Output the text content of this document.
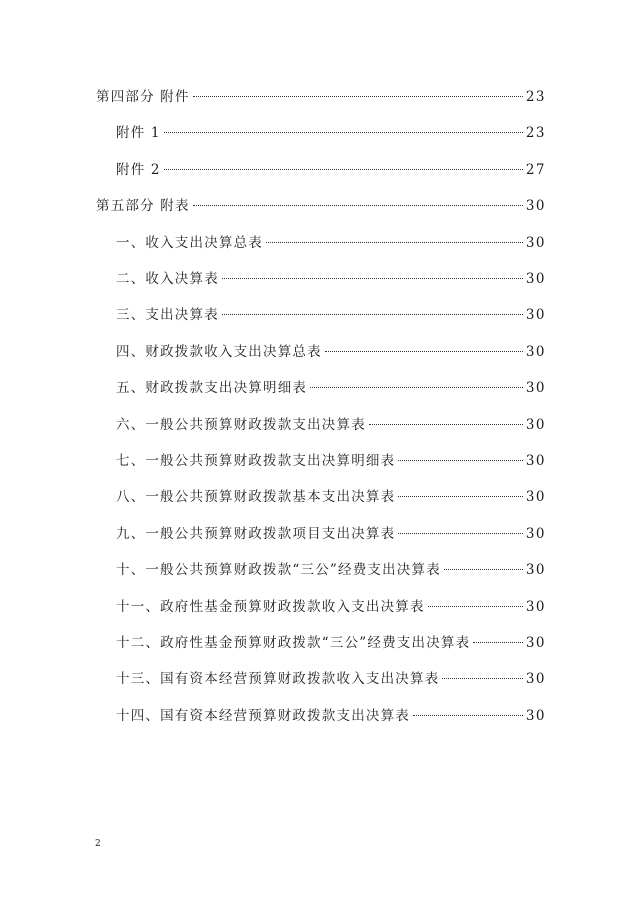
第四部分 附件	23
附件 1	23
附件 2	27
第五部分 附表	30
一、收入支出决算总表	30
二、收入决算表	30
三、支出决算表	30
四、财政拨款收入支出决算总表	30
五、财政拨款支出决算明细表	30
六、一般公共预算财政拨款支出决算表	30
七、一般公共预算财政拨款支出决算明细表	30
八、一般公共预算财政拨款基本支出决算表	30
九、一般公共预算财政拨款项目支出决算表	30
十、一般公共预算财政拨款“三公”经费支出决算表	30
十一、政府性基金预算财政拨款收入支出决算表	30
十二、政府性基金预算财政拨款“三公”经费支出决算表	30
十三、国有资本经营预算财政拨款收入支出决算表	30
十四、国有资本经营预算财政拨款支出决算表	30
2
